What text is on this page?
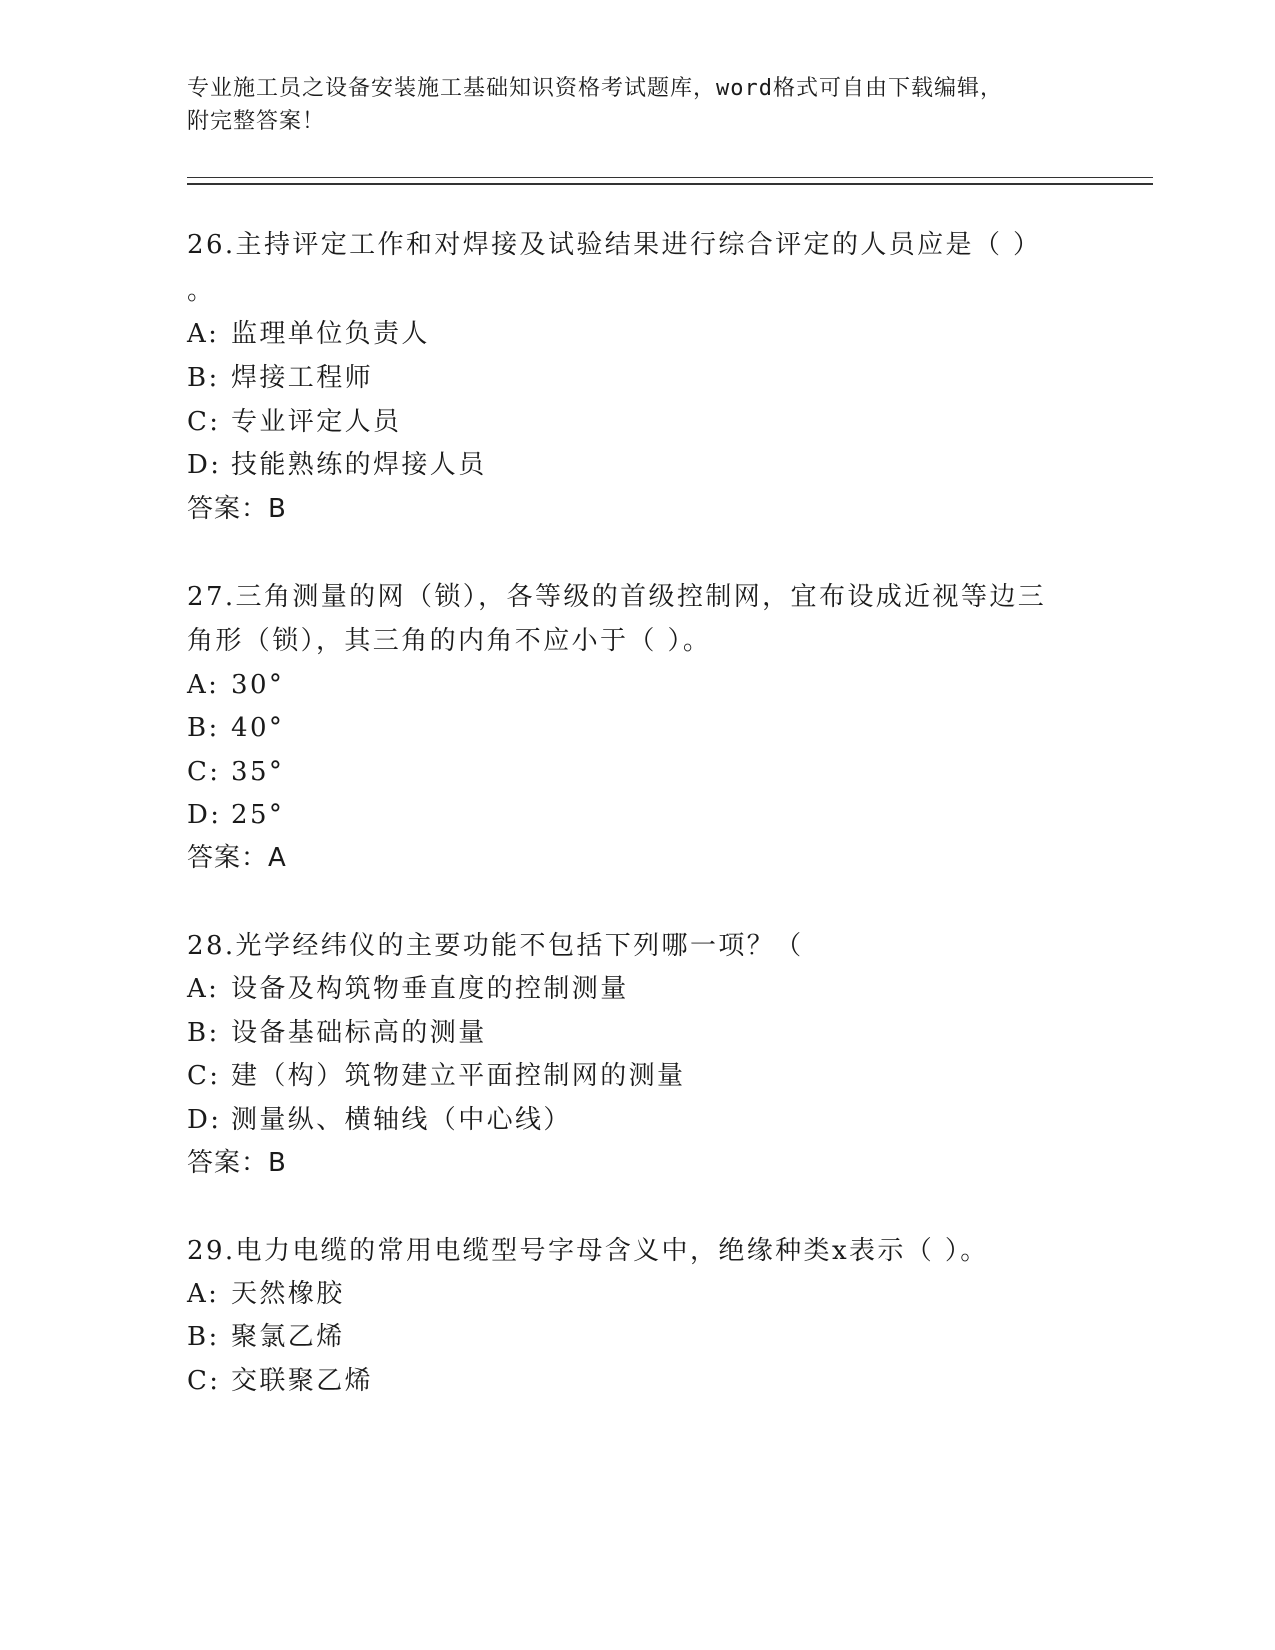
专业施工员之设备安装施工基础知识资格考试题库，word格式可自由下载编辑，
附完整答案！
26.主持评定工作和对焊接及试验结果进行综合评定的人员应是（ ）
。
A: 监理单位负责人
B: 焊接工程师
C: 专业评定人员
D: 技能熟练的焊接人员
答案：B
27.三角测量的网（锁），各等级的首级控制网，宜布设成近视等边三
角形（锁），其三角的内角不应小于（ ）。
A: 30°
B: 40°
C: 35°
D: 25°
答案：A
28.光学经纬仪的主要功能不包括下列哪一项？（
A: 设备及构筑物垂直度的控制测量
B: 设备基础标高的测量
C: 建（构）筑物建立平面控制网的测量
D: 测量纵、横轴线（中心线）
答案：B
29.电力电缆的常用电缆型号字母含义中，绝缘种类x表示（ ）。
A: 天然橡胶
B: 聚氯乙烯
C: 交联聚乙烯
